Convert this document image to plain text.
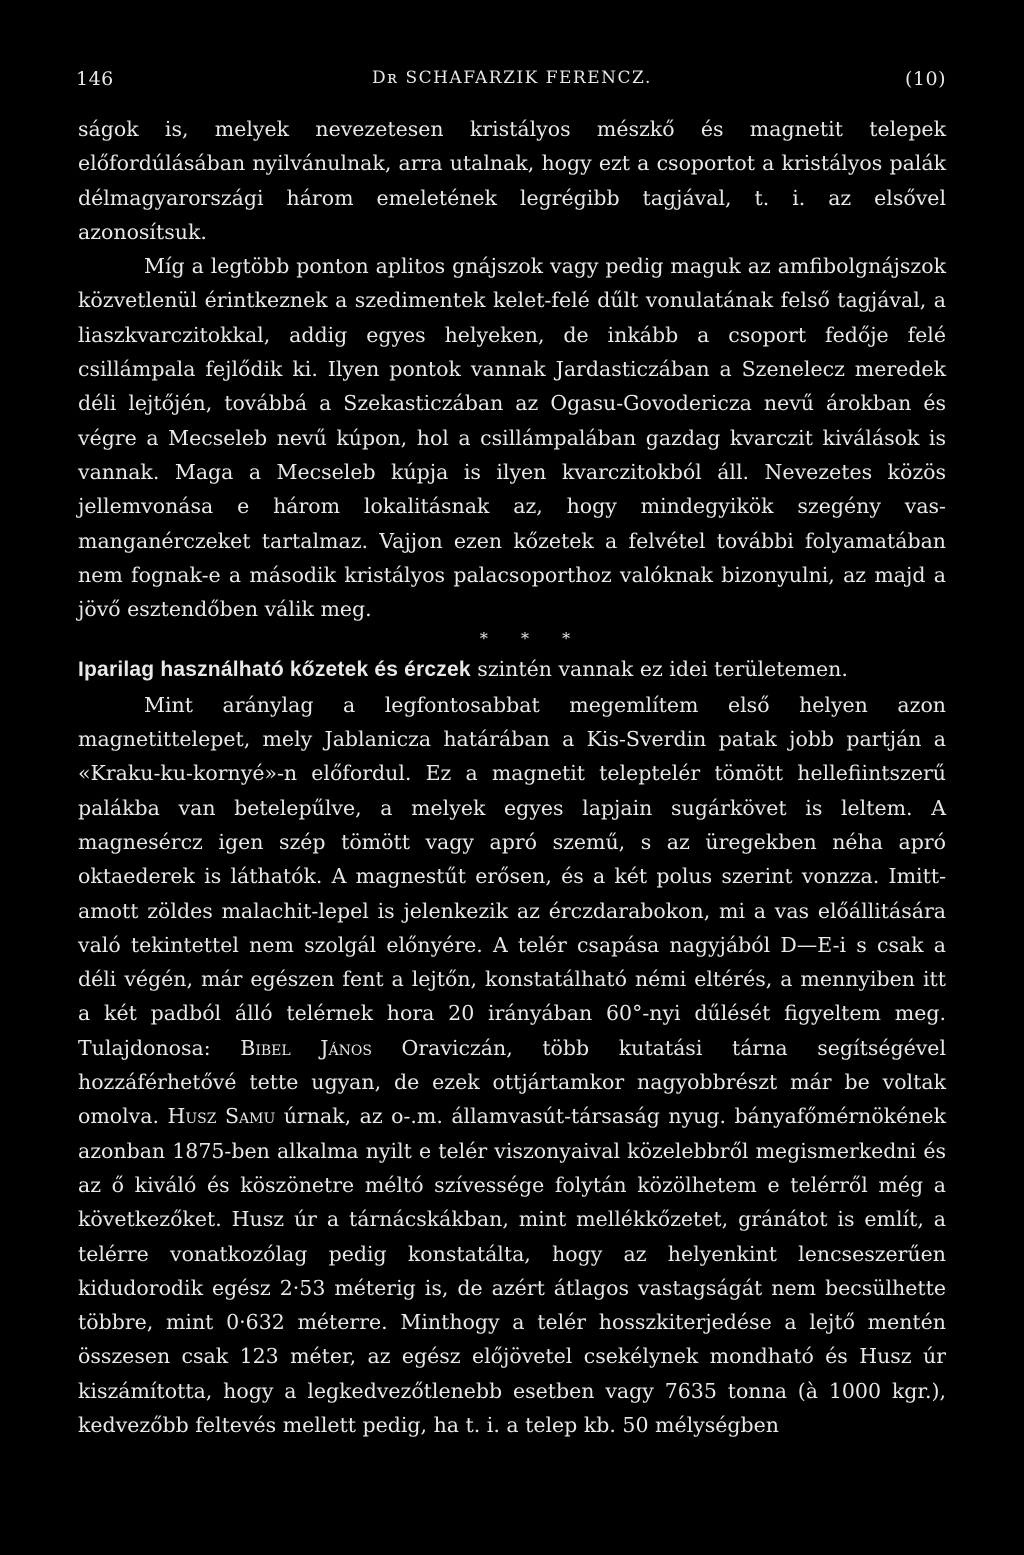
146	Dʀ SCHAFARZIK FERENCZ.	(10)

ságok is, melyek nevezetesen kristályos mészkő és magnetit telepek előfordúlásában nyilvánulnak, arra utalnak, hogy ezt a csoportot a kristályos palák délmagyarországi három emeletének legrégibb tagjával, t. i. az elsővel azonosítsuk.

Míg a legtöbb ponton aplitos gnájszok vagy pedig maguk az amfibolgnájszok közvetlenül érintkeznek a szedimentek kelet-felé dűlt vonulatának felső tagjával, a liaszkvarczitokkal, addig egyes helyeken, de inkább a csoport fedője felé csillámpala fejlődik ki. Ilyen pontok vannak Jardasticzában a Szenelecz meredek déli lejtőjén, továbbá a Szekasticzában az Ogasu-Govodericza nevű árokban és végre a Mecseleb nevű kúpon, hol a csillámpalában gazdag kvarczit kiválások is vannak. Maga a Mecseleb kúpja is ilyen kvarczitokból áll. Nevezetes közös jellemvonása e három lokalitásnak az, hogy mindegyikök szegény vas-manganérczeket tartalmaz. Vajjon ezen kőzetek a felvétel további folyamatában nem fognak-e a második kristályos palacsoporthoz valóknak bizonyulni, az majd a jövő esztendőben válik meg.

* * *

Iparilag használható kőzetek és érczek szintén vannak ez idei területemen.

Mint aránylag a legfontosabbat megemlítem első helyen azon magnetittelepet, mely Jablanicza határában a Kis-Sverdin patak jobb partján a «Kraku-ku-kornyé»-n előfordul. Ez a magnetit teleptelér tömött hellefiintszerű palákba van betelepűlve, a melyek egyes lapjain sugárkövet is leltem. A magnesércz igen szép tömött vagy apró szemű, s az üregekben néha apró oktaederek is láthatók. A magnestűt erősen, és a két polus szerint vonzza. Imitt-amott zöldes malachit-lepel is jelenkezik az érczdarabokon, mi a vas előállitására való tekintettel nem szolgál előnyére. A telér csapása nagyjából D—E-i s csak a déli végén, már egészen fent a lejtőn, konstatálható némi eltérés, a mennyiben itt a két padból álló telérnek hora 20 irányában 60°-nyi dűlését figyeltem meg. Tulajdonosa: Bibel János Oraviczán, több kutatási tárna segítségével hozzáférhetővé tette ugyan, de ezek ottjártamkor nagyobbrészt már be voltak omolva. Husz Samu úrnak, az o-.m. államvasút-társaság nyug. bányafőmérnökének azonban 1875-ben alkalma nyilt e telér viszonyaival közelebbről megismerkedni és az ő kiváló és köszönetre méltó szívessége folytán közölhetem e telérről még a következőket. Husz úr a tárnácskákban, mint mellékkőzetet, gránátot is említ, a telérre vonatkozólag pedig konstatálta, hogy az helyenkint lencseszerűen kidudorodik egész 2·53 méterig is, de azért átlagos vastagságát nem becsülhette többre, mint 0·632 méterre. Minthogy a telér hosszkiterjedése a lejtő mentén összesen csak 123 méter, az egész előjövetel csekélynek mondható és Husz úr kiszámította, hogy a legkedvezőtlenebb esetben vagy 7635 tonna (à 1000 kgr.), kedvezőbb feltevés mellett pedig, ha t. i. a telep kb. 50 mélységben
